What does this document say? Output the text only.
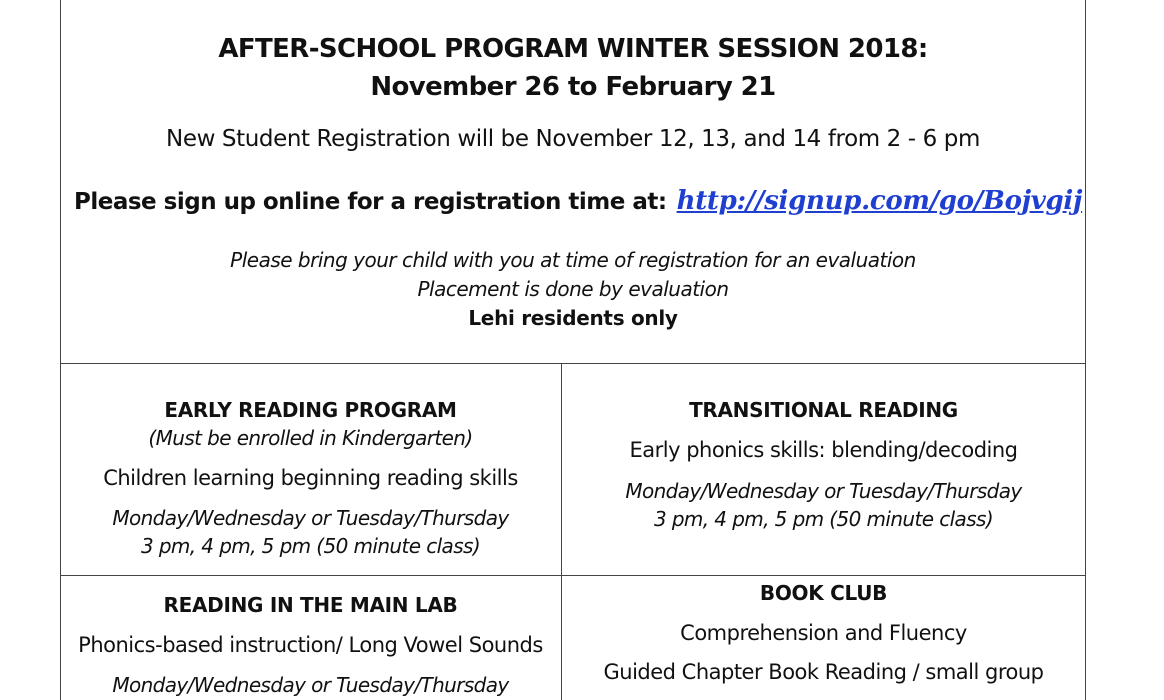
AFTER-SCHOOL PROGRAM WINTER SESSION 2018:
November 26 to February 21
New Student Registration will be November 12, 13, and 14 from 2 - 6 pm
Please sign up online for a registration time at: http://signup.com/go/Bojvgij
Please bring your child with you at time of registration for an evaluation
Placement is done by evaluation
Lehi residents only
EARLY READING PROGRAM
(Must be enrolled in Kindergarten)
Children learning beginning reading skills
Monday/Wednesday or Tuesday/Thursday
3 pm, 4 pm, 5 pm (50 minute class)
TRANSITIONAL READING
Early phonics skills: blending/decoding
Monday/Wednesday or Tuesday/Thursday
3 pm, 4 pm, 5 pm (50 minute class)
READING IN THE MAIN LAB
Phonics-based instruction/ Long Vowel Sounds
Monday/Wednesday or Tuesday/Thursday
BOOK CLUB
Comprehension and Fluency
Guided Chapter Book Reading / small group
